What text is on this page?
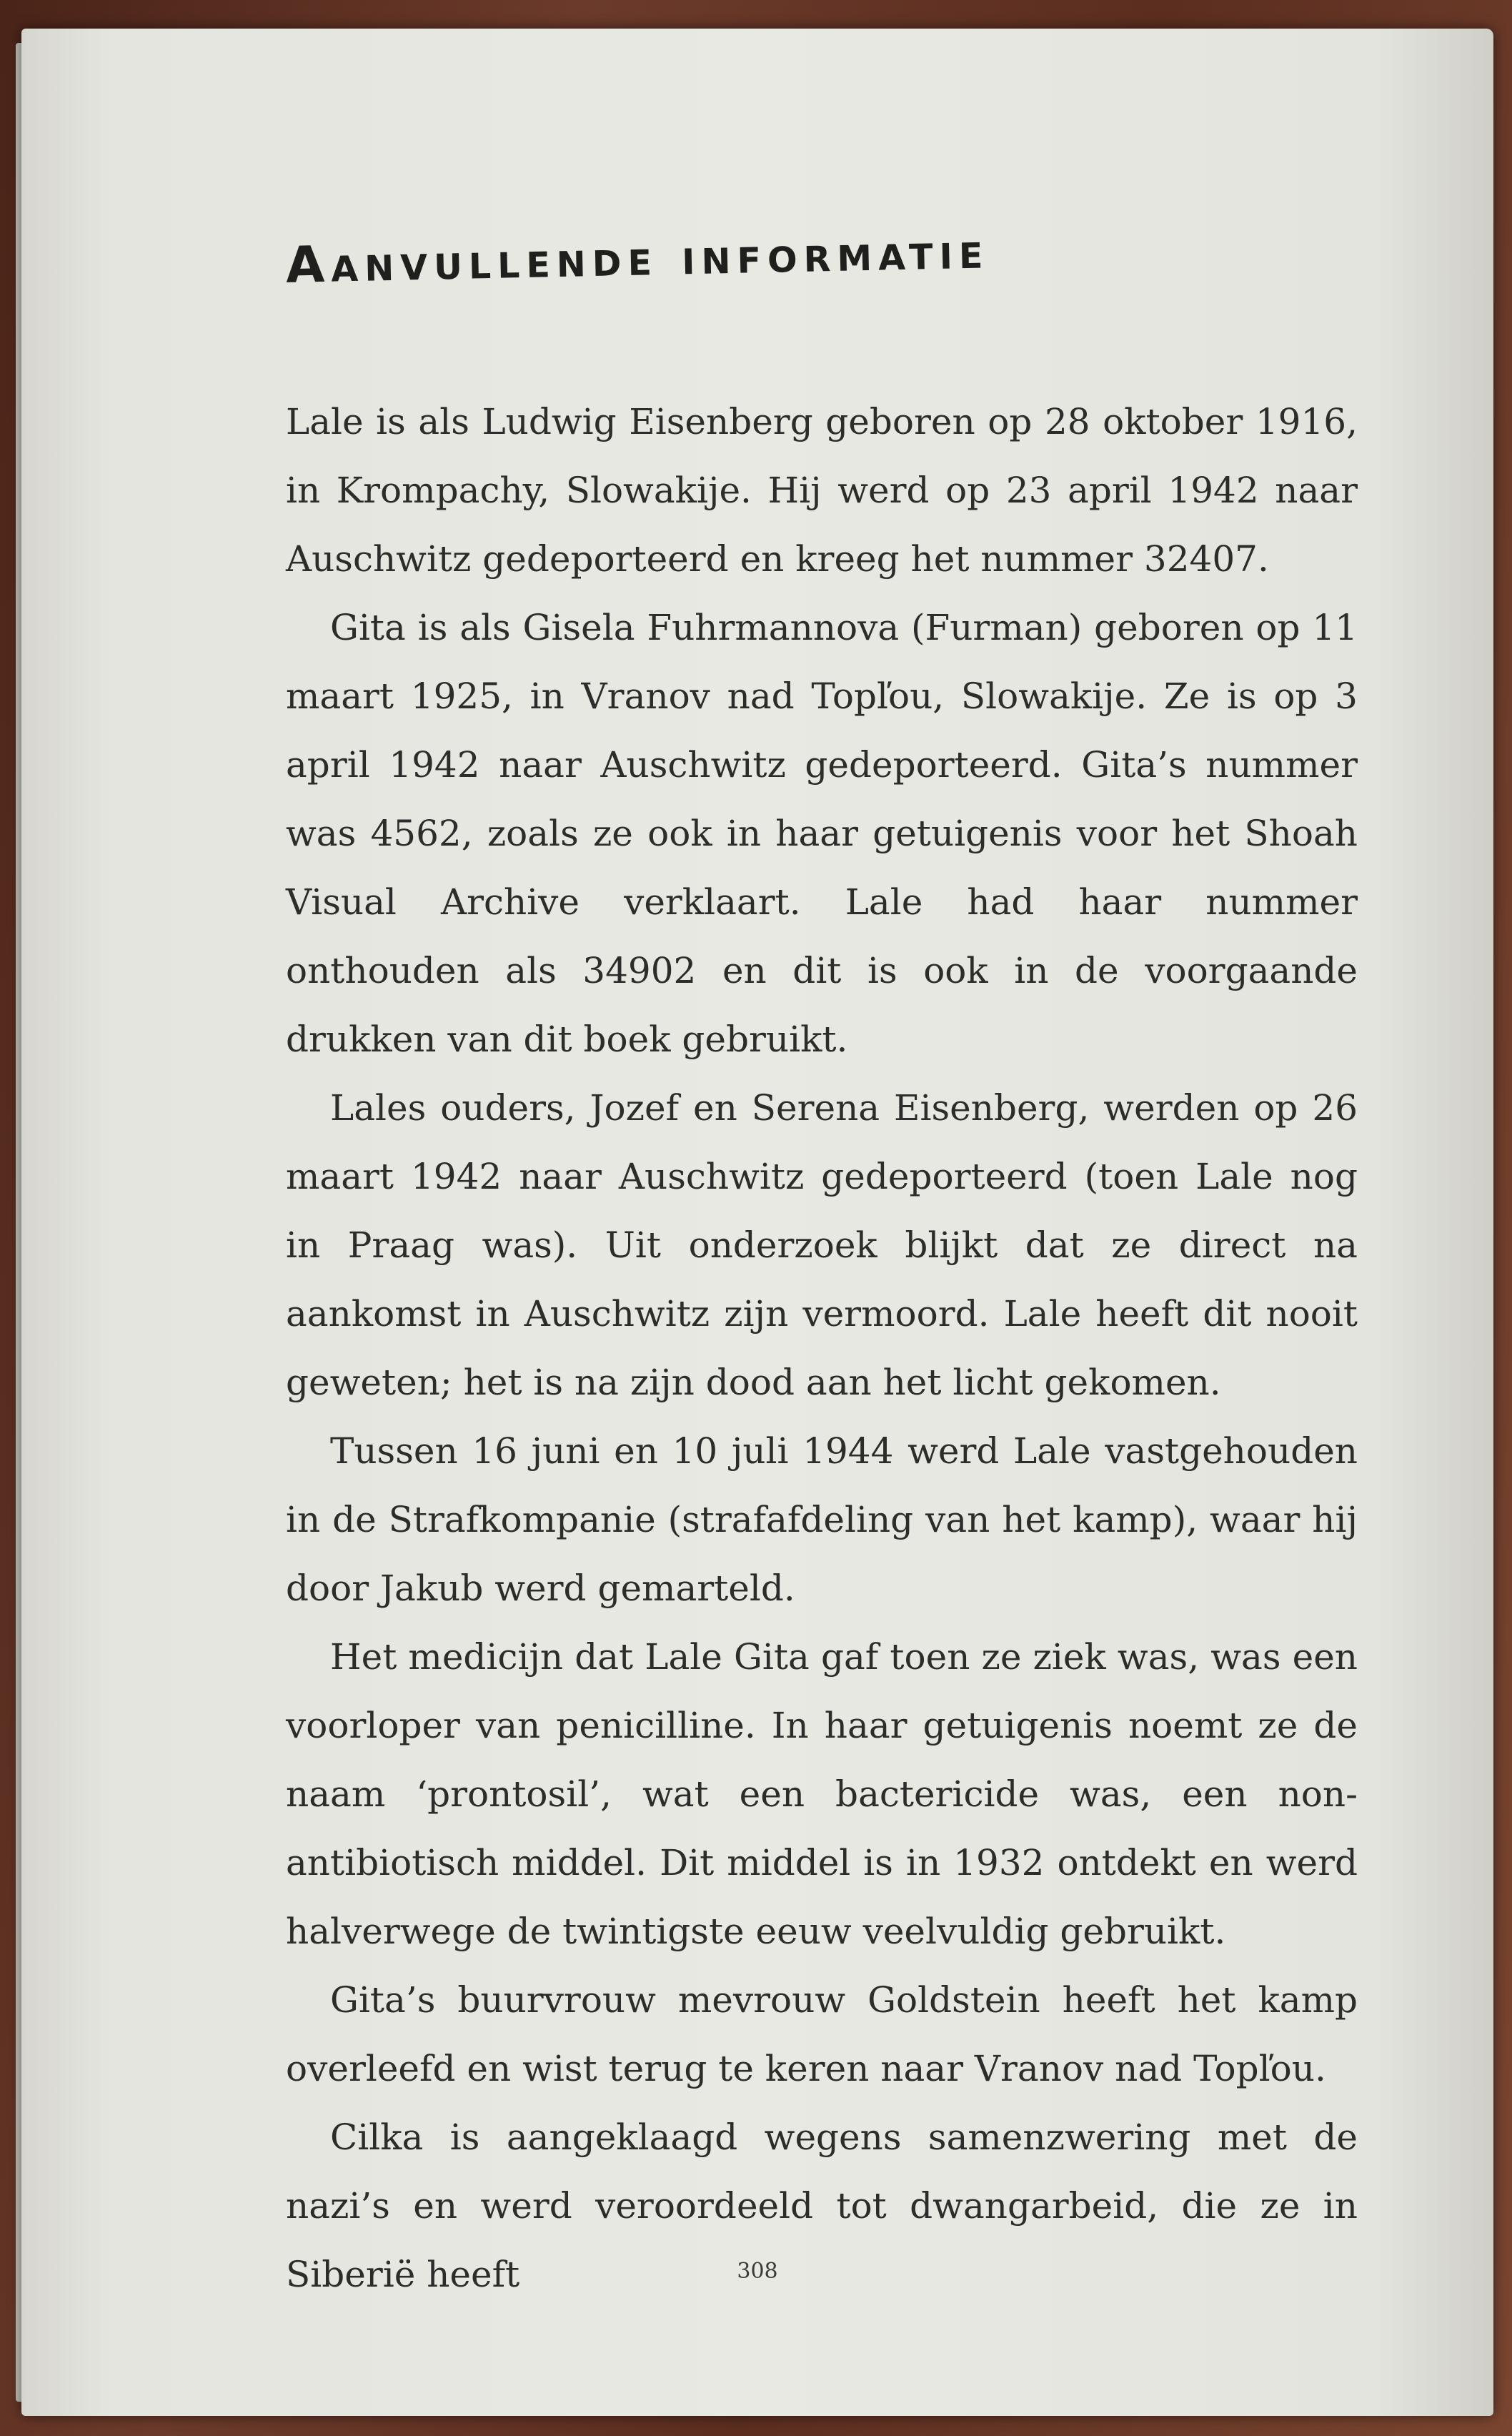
Aanvullende informatie

Lale is als Ludwig Eisenberg geboren op 28 oktober 1916, in Krompachy, Slowakije. Hij werd op 23 april 1942 naar Auschwitz gedeporteerd en kreeg het nummer 32407.

Gita is als Gisela Fuhrmannova (Furman) geboren op 11 maart 1925, in Vranov nad Topľou, Slowakije. Ze is op 3 april 1942 naar Auschwitz gedeporteerd. Gita’s nummer was 4562, zoals ze ook in haar getuigenis voor het Shoah Visual Archive verklaart. Lale had haar nummer onthouden als 34902 en dit is ook in de voorgaande drukken van dit boek gebruikt.

Lales ouders, Jozef en Serena Eisenberg, werden op 26 maart 1942 naar Auschwitz gedeporteerd (toen Lale nog in Praag was). Uit onderzoek blijkt dat ze direct na aankomst in Auschwitz zijn vermoord. Lale heeft dit nooit geweten; het is na zijn dood aan het licht gekomen.

Tussen 16 juni en 10 juli 1944 werd Lale vastgehouden in de Strafkompanie (strafafdeling van het kamp), waar hij door Jakub werd gemarteld.

Het medicijn dat Lale Gita gaf toen ze ziek was, was een voorloper van penicilline. In haar getuigenis noemt ze de naam ‘prontosil’, wat een bactericide was, een non-antibiotisch middel. Dit middel is in 1932 ontdekt en werd halverwege de twintigste eeuw veelvuldig gebruikt.

Gita’s buurvrouw mevrouw Goldstein heeft het kamp overleefd en wist terug te keren naar Vranov nad Topľou.

Cilka is aangeklaagd wegens samenzwering met de nazi’s en werd veroordeeld tot dwangarbeid, die ze in Siberië heeft	308
